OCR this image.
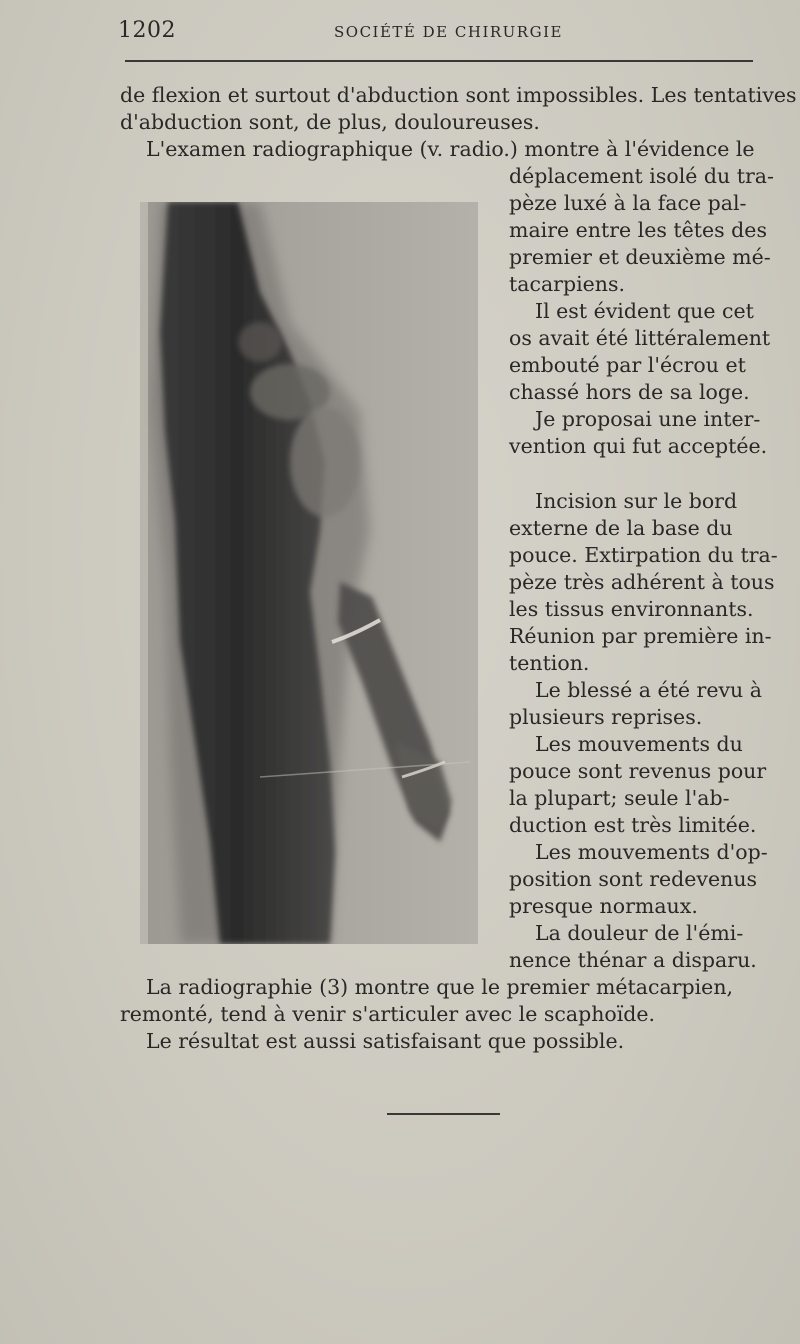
1202	SOCIÉTÉ DE CHIRURGIE
de flexion et surtout d'abduction sont impossibles. Les tentatives
d'abduction sont, de plus, douloureuses.
L'examen radiographique (v. radio.) montre à l'évidence le
déplacement isolé du tra-
pèze luxé à la face pal-
maire entre les têtes des
premier et deuxième mé-
tacarpiens.
Il est évident que cet
os avait été littéralement
embouté par l'écrou et
chassé hors de sa loge.
Je proposai une inter-
vention qui fut acceptée.
Incision sur le bord
externe de la base du
pouce. Extirpation du tra-
pèze très adhérent à tous
les tissus environnants.
Réunion par première in-
tention.
Le blessé a été revu à
plusieurs reprises.
Les mouvements du
pouce sont revenus pour
la plupart; seule l'ab-
duction est très limitée.
Les mouvements d'op-
position sont redevenus
presque normaux.
La douleur de l'émi-
nence thénar a disparu.
La radiographie (3) montre que le premier métacarpien,
remonté, tend à venir s'articuler avec le scaphoïde.
Le résultat est aussi satisfaisant que possible.
